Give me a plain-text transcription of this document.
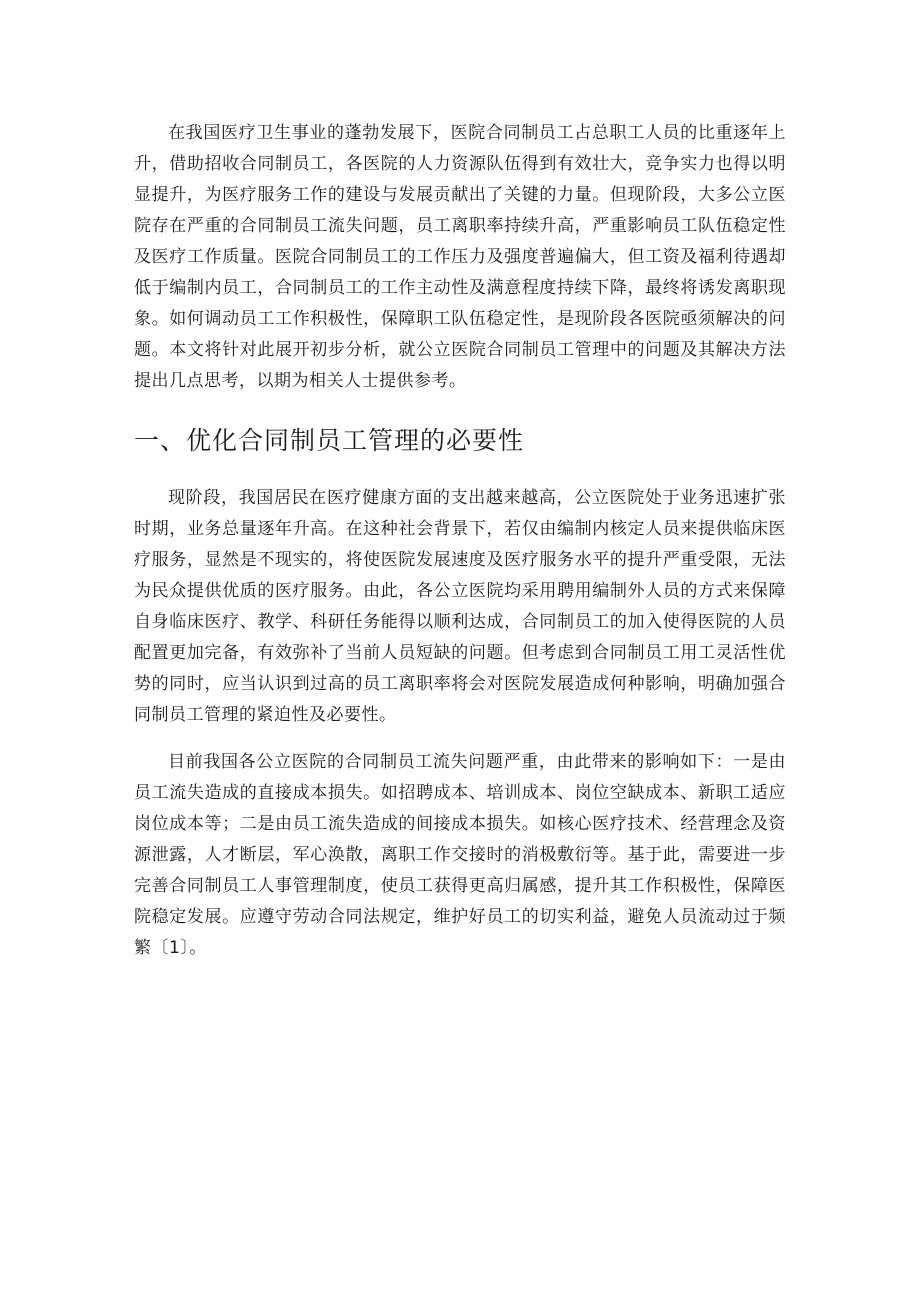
在我国医疗卫生事业的蓬勃发展下，医院合同制员工占总职工人员的比重逐年上升，借助招收合同制员工，各医院的人力资源队伍得到有效壮大，竞争实力也得以明显提升，为医疗服务工作的建设与发展贡献出了关键的力量。但现阶段，大多公立医院存在严重的合同制员工流失问题，员工离职率持续升高，严重影响员工队伍稳定性及医疗工作质量。医院合同制员工的工作压力及强度普遍偏大，但工资及福利待遇却低于编制内员工，合同制员工的工作主动性及满意程度持续下降，最终将诱发离职现象。如何调动员工工作积极性，保障职工队伍稳定性，是现阶段各医院亟须解决的问题。本文将针对此展开初步分析，就公立医院合同制员工管理中的问题及其解决方法提出几点思考，以期为相关人士提供参考。

一、优化合同制员工管理的必要性

现阶段，我国居民在医疗健康方面的支出越来越高，公立医院处于业务迅速扩张时期，业务总量逐年升高。在这种社会背景下，若仅由编制内核定人员来提供临床医疗服务，显然是不现实的，将使医院发展速度及医疗服务水平的提升严重受限，无法为民众提供优质的医疗服务。由此，各公立医院均采用聘用编制外人员的方式来保障自身临床医疗、教学、科研任务能得以顺利达成，合同制员工的加入使得医院的人员配置更加完备，有效弥补了当前人员短缺的问题。但考虑到合同制员工用工灵活性优势的同时，应当认识到过高的员工离职率将会对医院发展造成何种影响，明确加强合同制员工管理的紧迫性及必要性。

目前我国各公立医院的合同制员工流失问题严重，由此带来的影响如下：一是由员工流失造成的直接成本损失。如招聘成本、培训成本、岗位空缺成本、新职工适应岗位成本等；二是由员工流失造成的间接成本损失。如核心医疗技术、经营理念及资源泄露，人才断层，军心涣散，离职工作交接时的消极敷衍等。基于此，需要进一步完善合同制员工人事管理制度，使员工获得更高归属感，提升其工作积极性，保障医院稳定发展。应遵守劳动合同法规定，维护好员工的切实利益，避免人员流动过于频繁〔1〕。
